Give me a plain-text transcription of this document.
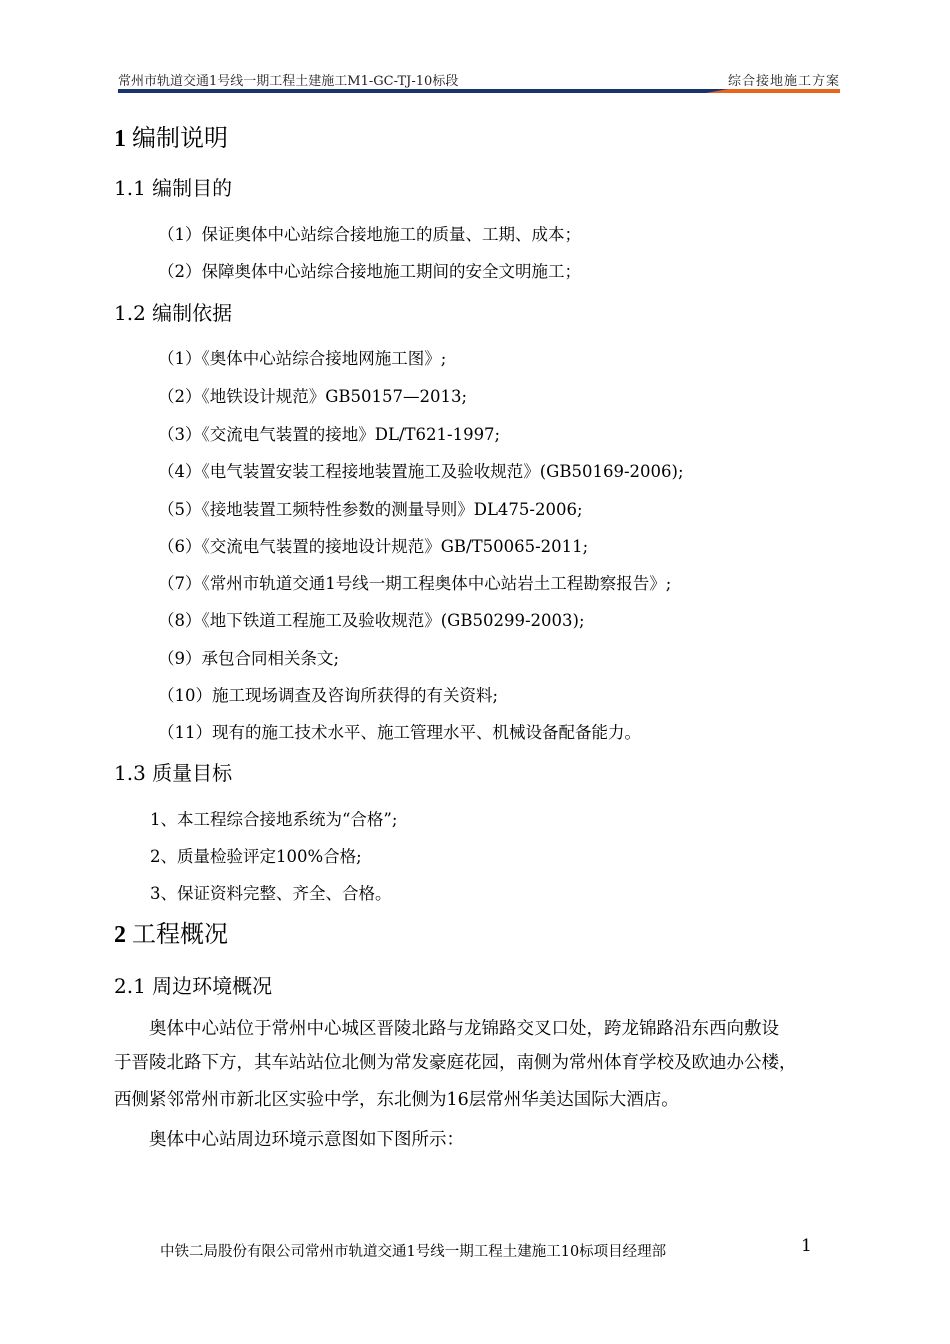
常州市轨道交通1号线一期工程土建施工M1-GC-TJ-10标段	综合接地施工方案
1 编制说明
1.1 编制目的
（1）保证奥体中心站综合接地施工的质量、工期、成本；
（2）保障奥体中心站综合接地施工期间的安全文明施工；
1.2 编制依据
（1）《奥体中心站综合接地网施工图》;
（2）《地铁设计规范》GB50157—2013;
（3）《交流电气装置的接地》DL/T621-1997;
（4）《电气装置安装工程接地装置施工及验收规范》(GB50169-2006);
（5）《接地装置工频特性参数的测量导则》DL475-2006;
（6）《交流电气装置的接地设计规范》GB/T50065-2011;
（7）《常州市轨道交通1号线一期工程奥体中心站岩土工程勘察报告》;
（8）《地下铁道工程施工及验收规范》(GB50299-2003);
（9）承包合同相关条文;
（10）施工现场调查及咨询所获得的有关资料;
（11）现有的施工技术水平、施工管理水平、机械设备配备能力。
1.3 质量目标
1、本工程综合接地系统为“合格”;
2、质量检验评定100%合格;
3、保证资料完整、齐全、合格。
2 工程概况
2.1 周边环境概况
　　奥体中心站位于常州中心城区晋陵北路与龙锦路交叉口处，跨龙锦路沿东西向敷设
于晋陵北路下方，其车站站位北侧为常发豪庭花园，南侧为常州体育学校及欧迪办公楼，
西侧紧邻常州市新北区实验中学，东北侧为16层常州华美达国际大酒店。
　　奥体中心站周边环境示意图如下图所示：
中铁二局股份有限公司常州市轨道交通1号线一期工程土建施工10标项目经理部	1
